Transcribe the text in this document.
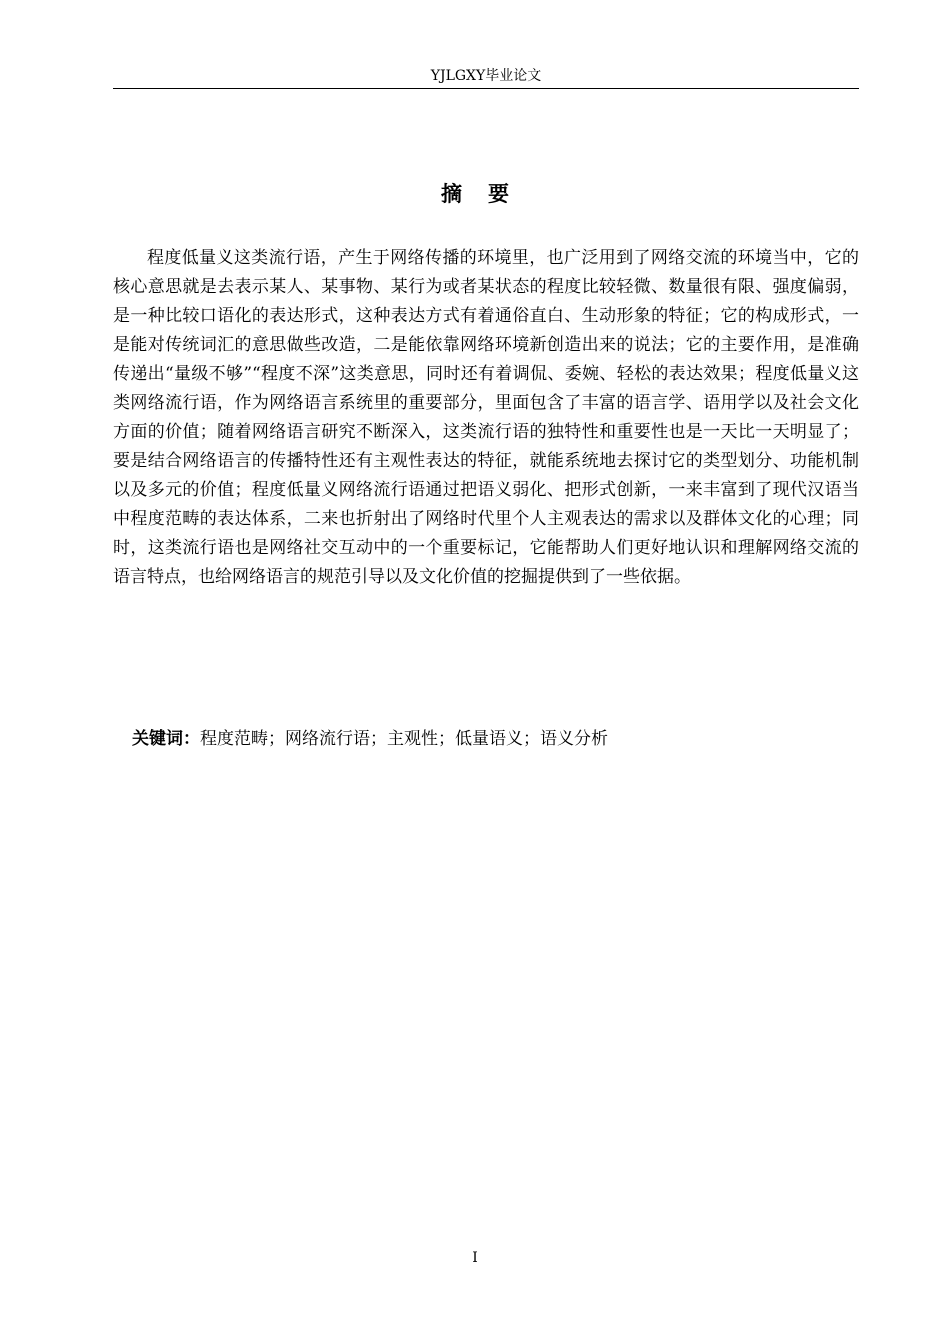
YJLGXY毕业论文
摘 要

程度低量义这类流行语，产生于网络传播的环境里，也广泛用到了网络交流的环境当中，它的核心意思就是去表示某人、某事物、某行为或者某状态的程度比较轻微、数量很有限、强度偏弱，是一种比较口语化的表达形式，这种表达方式有着通俗直白、生动形象的特征；它的构成形式，一是能对传统词汇的意思做些改造，二是能依靠网络环境新创造出来的说法；它的主要作用，是准确传递出“量级不够”“程度不深”这类意思，同时还有着调侃、委婉、轻松的表达效果；程度低量义这类网络流行语，作为网络语言系统里的重要部分，里面包含了丰富的语言学、语用学以及社会文化方面的价值；随着网络语言研究不断深入，这类流行语的独特性和重要性也是一天比一天明显了；要是结合网络语言的传播特性还有主观性表达的特征，就能系统地去探讨它的类型划分、功能机制以及多元的价值；程度低量义网络流行语通过把语义弱化、把形式创新，一来丰富到了现代汉语当中程度范畴的表达体系，二来也折射出了网络时代里个人主观表达的需求以及群体文化的心理；同时，这类流行语也是网络社交互动中的一个重要标记，它能帮助人们更好地认识和理解网络交流的语言特点，也给网络语言的规范引导以及文化价值的挖掘提供到了一些依据。

关键词：程度范畴；网络流行语；主观性；低量语义；语义分析

I
